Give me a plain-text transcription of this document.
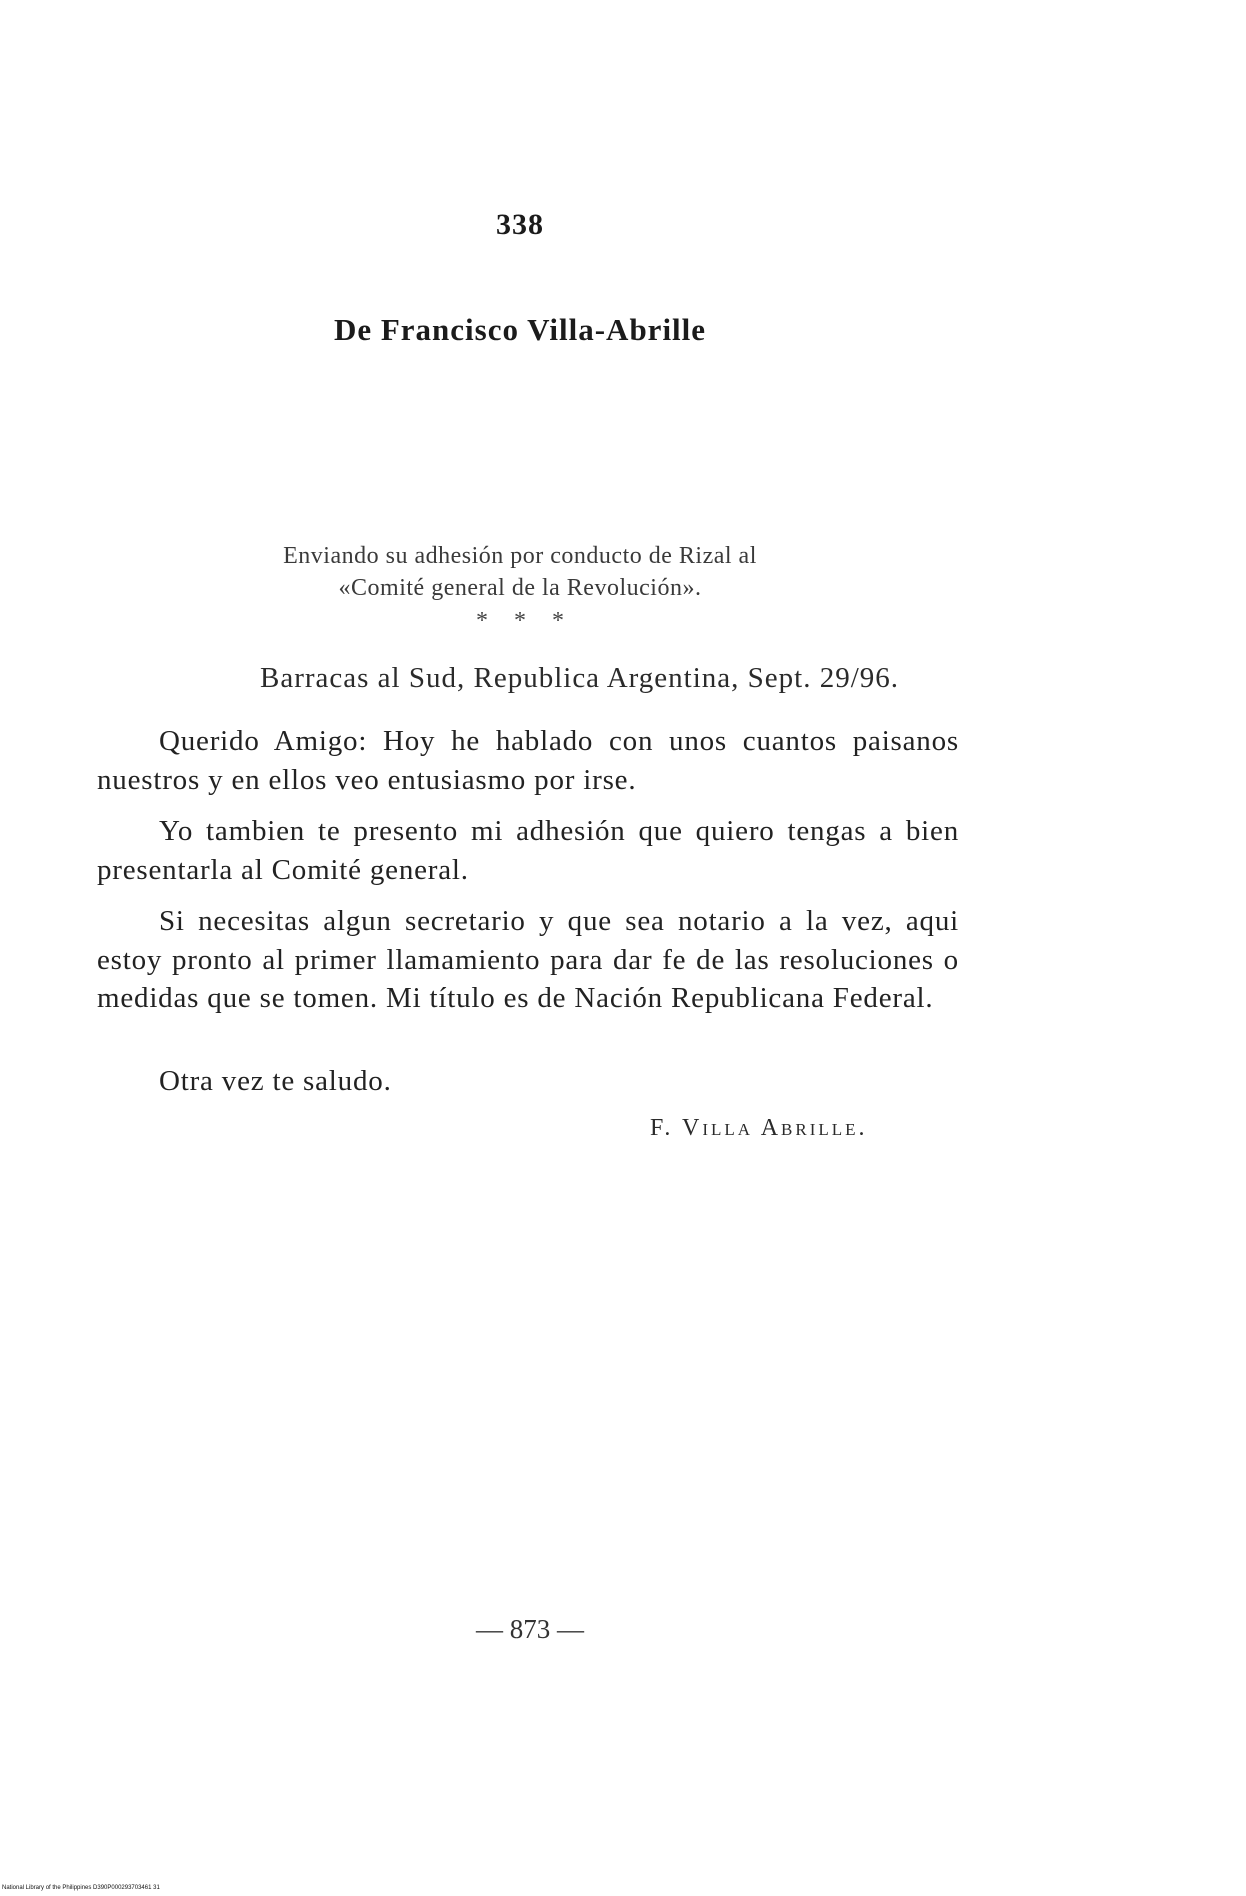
338
De Francisco Villa-Abrille
Enviando su adhesión por conducto de Rizal al
«Comité general de la Revolución».
* * *
Barracas al Sud, Republica Argentina, Sept. 29/96.

Querido Amigo: Hoy he hablado con unos cuantos paisanos nuestros y en ellos veo entusiasmo por irse.

Yo tambien te presento mi adhesión que quiero tengas a bien presentarla al Comité general.

Si necesitas algun secretario y que sea notario a la vez, aqui estoy pronto al primer llamamiento para dar fe de las resoluciones o medidas que se tomen. Mi título es de Nación Republicana Federal.

Otra vez te saludo.

F. Villa Abrille.
— 873 —
National Library of the Philippines D390P000293703461 31
